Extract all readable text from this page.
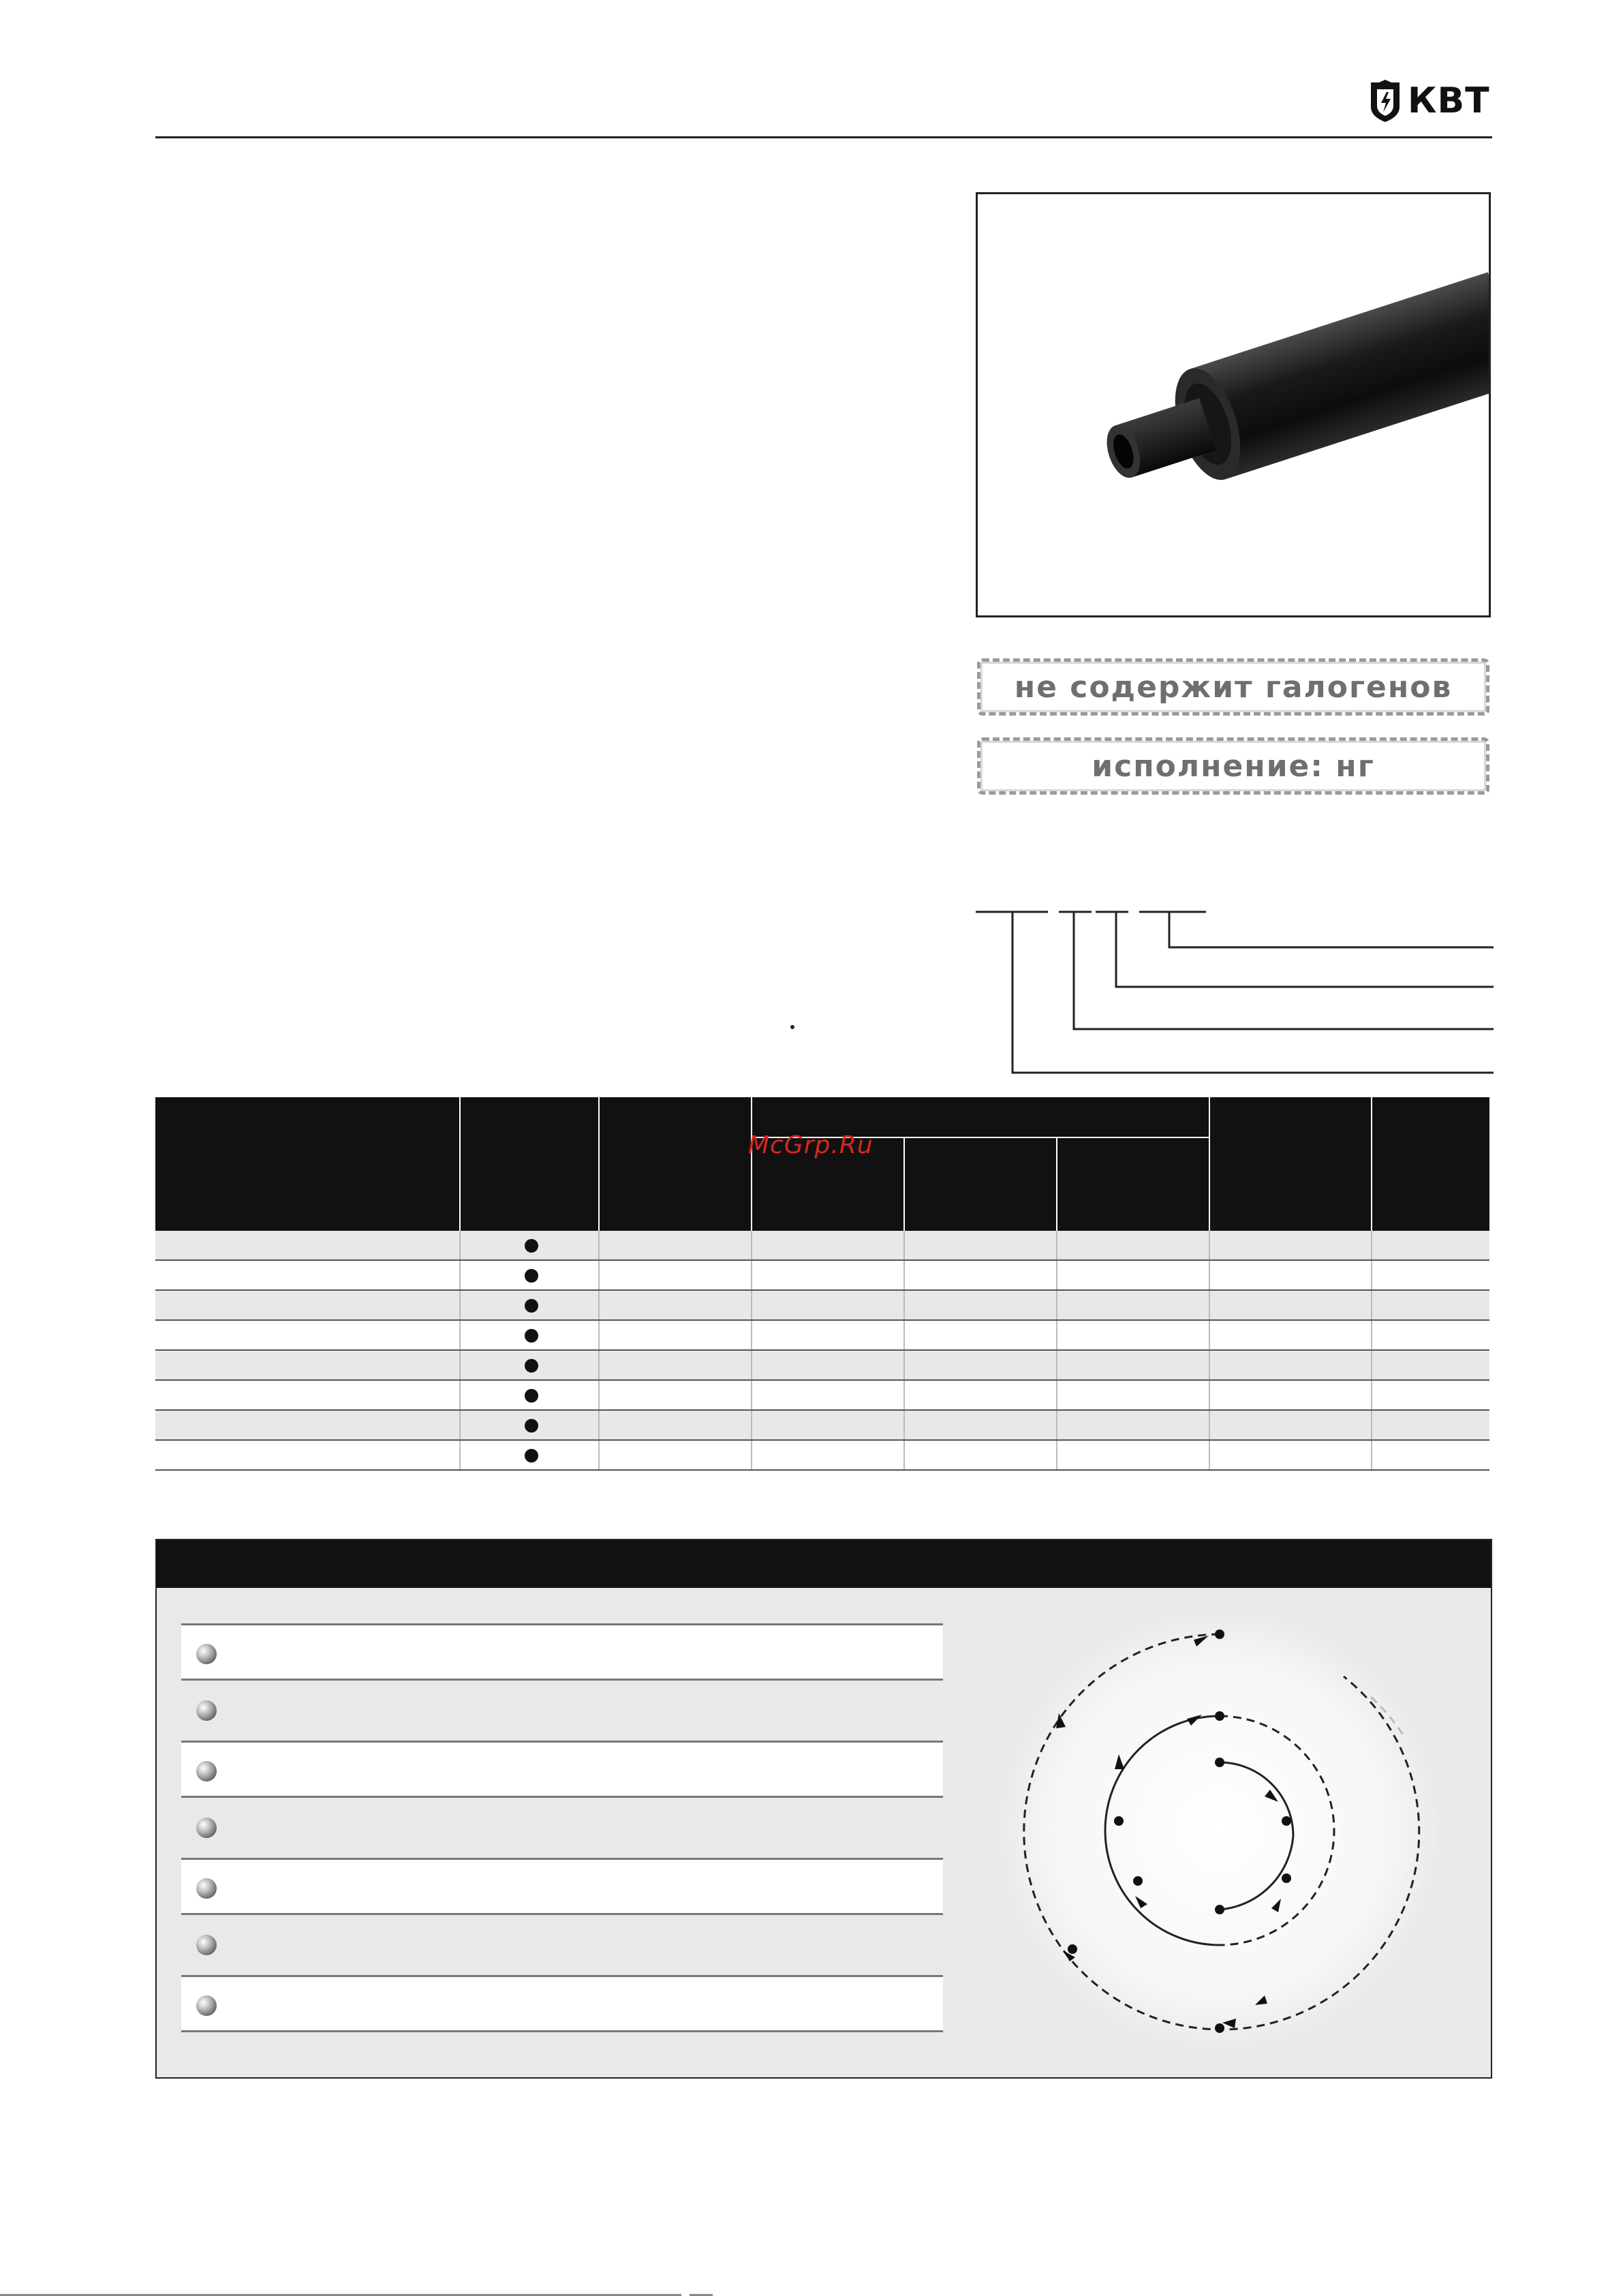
КВТ
не содержит галогенов
исполнение: нг
McGrp.Ru
